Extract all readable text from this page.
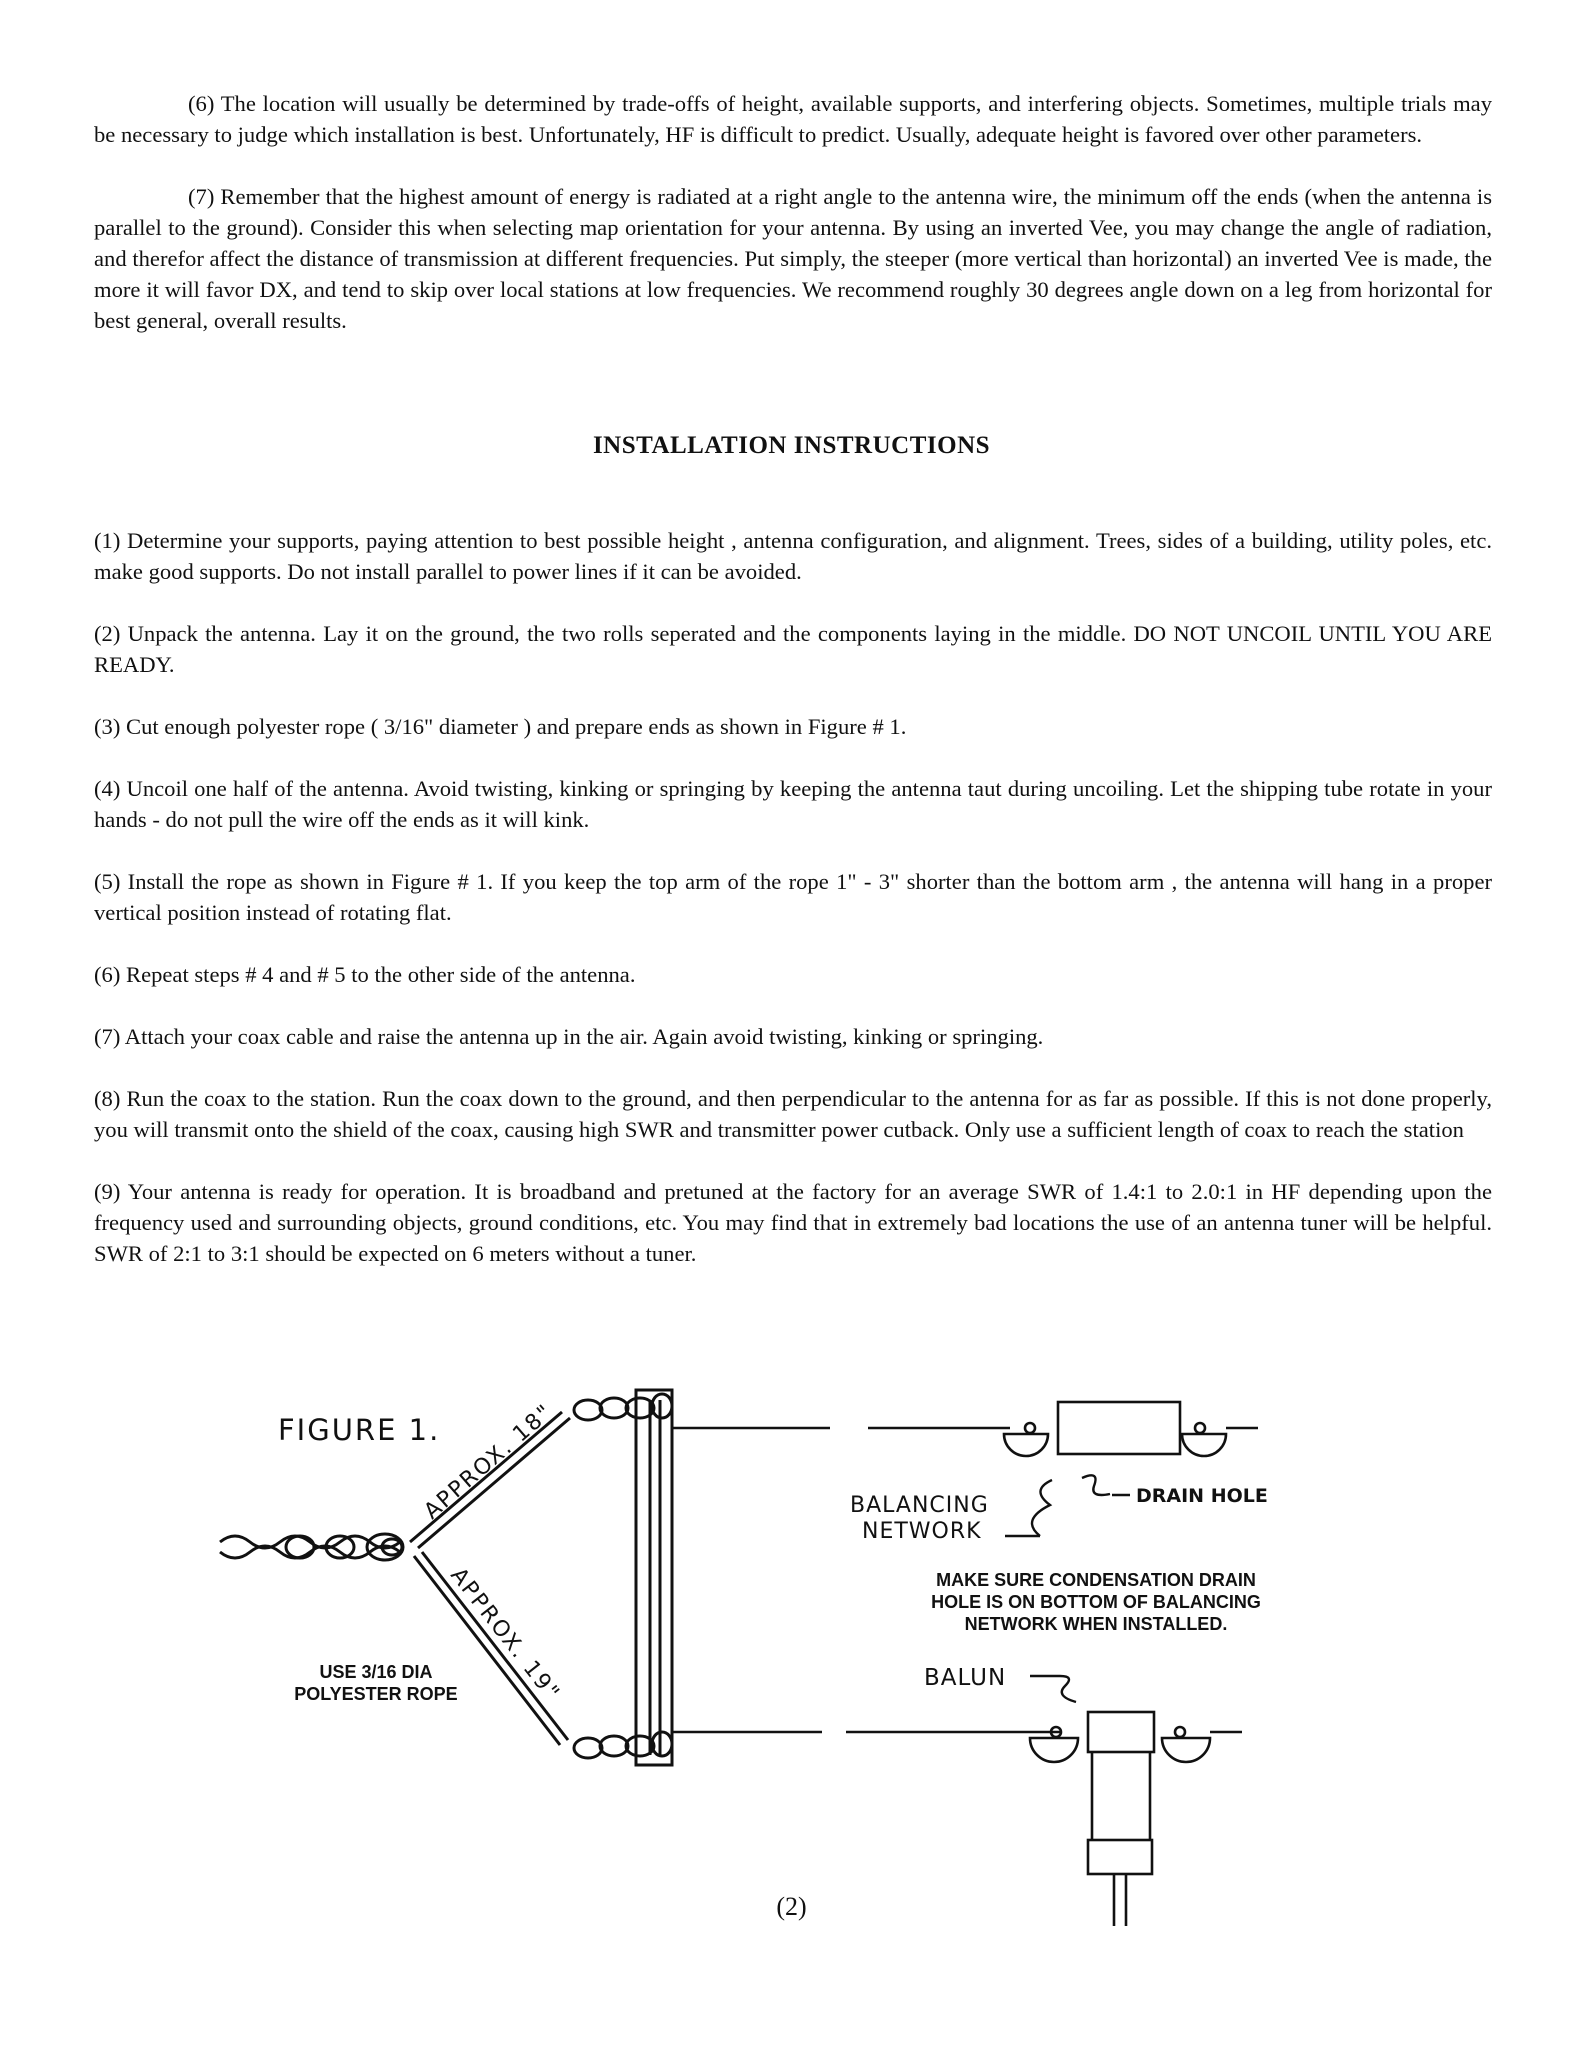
(6) The location will usually be determined by trade-offs of height, available supports, and interfering objects. Sometimes, multiple trials may be necessary to judge which installation is best. Unfortunately, HF is difficult to predict. Usually, adequate height is favored over other parameters.

(7) Remember that the highest amount of energy is radiated at a right angle to the antenna wire, the minimum off the ends (when the antenna is parallel to the ground). Consider this when selecting map orientation for your antenna. By using an inverted Vee, you may change the angle of radiation, and therefor affect the distance of transmission at different frequencies. Put simply, the steeper (more vertical than horizontal) an inverted Vee is made, the more it will favor DX, and tend to skip over local stations at low frequencies. We recommend roughly 30 degrees angle down on a leg from horizontal for best general, overall results.

INSTALLATION INSTRUCTIONS

(1) Determine your supports, paying attention to best possible height , antenna configuration, and alignment. Trees, sides of a building, utility poles, etc. make good supports. Do not install parallel to power lines if it can be avoided.

(2) Unpack the antenna. Lay it on the ground, the two rolls seperated and the components laying in the middle. DO NOT UNCOIL UNTIL YOU ARE READY.

(3) Cut enough polyester rope ( 3/16" diameter ) and prepare ends as shown in Figure # 1.

(4) Uncoil one half of the antenna. Avoid twisting, kinking or springing by keeping the antenna taut during uncoiling. Let the shipping tube rotate in your hands - do not pull the wire off the ends as it will kink.

(5) Install the rope as shown in Figure # 1. If you keep the top arm of the rope 1" - 3" shorter than the bottom arm , the antenna will hang in a proper vertical position instead of rotating flat.

(6) Repeat steps # 4 and # 5 to the other side of the antenna.

(7) Attach your coax cable and raise the antenna up in the air. Again avoid twisting, kinking or springing.

(8) Run the coax to the station. Run the coax down to the ground, and then perpendicular to the antenna for as far as possible. If this is not done properly, you will transmit onto the shield of the coax, causing high SWR and transmitter power cutback. Only use a sufficient length of coax to reach the station

(9) Your antenna is ready for operation. It is broadband and pretuned at the factory for an average SWR of 1.4:1 to 2.0:1 in HF depending upon the frequency used and surrounding objects, ground conditions, etc. You may find that in extremely bad locations the use of an antenna tuner will be helpful. SWR of 2:1 to 3:1 should be expected on 6 meters without a tuner.

FIGURE 1.
APPROX. 18"
APPROX. 19"
BALANCING
NETWORK
DRAIN HOLE
MAKE SURE CONDENSATION DRAIN
HOLE IS ON BOTTOM OF BALANCING
NETWORK WHEN INSTALLED.
USE 3/16 DIA
POLYESTER ROPE
BALUN
(2)
